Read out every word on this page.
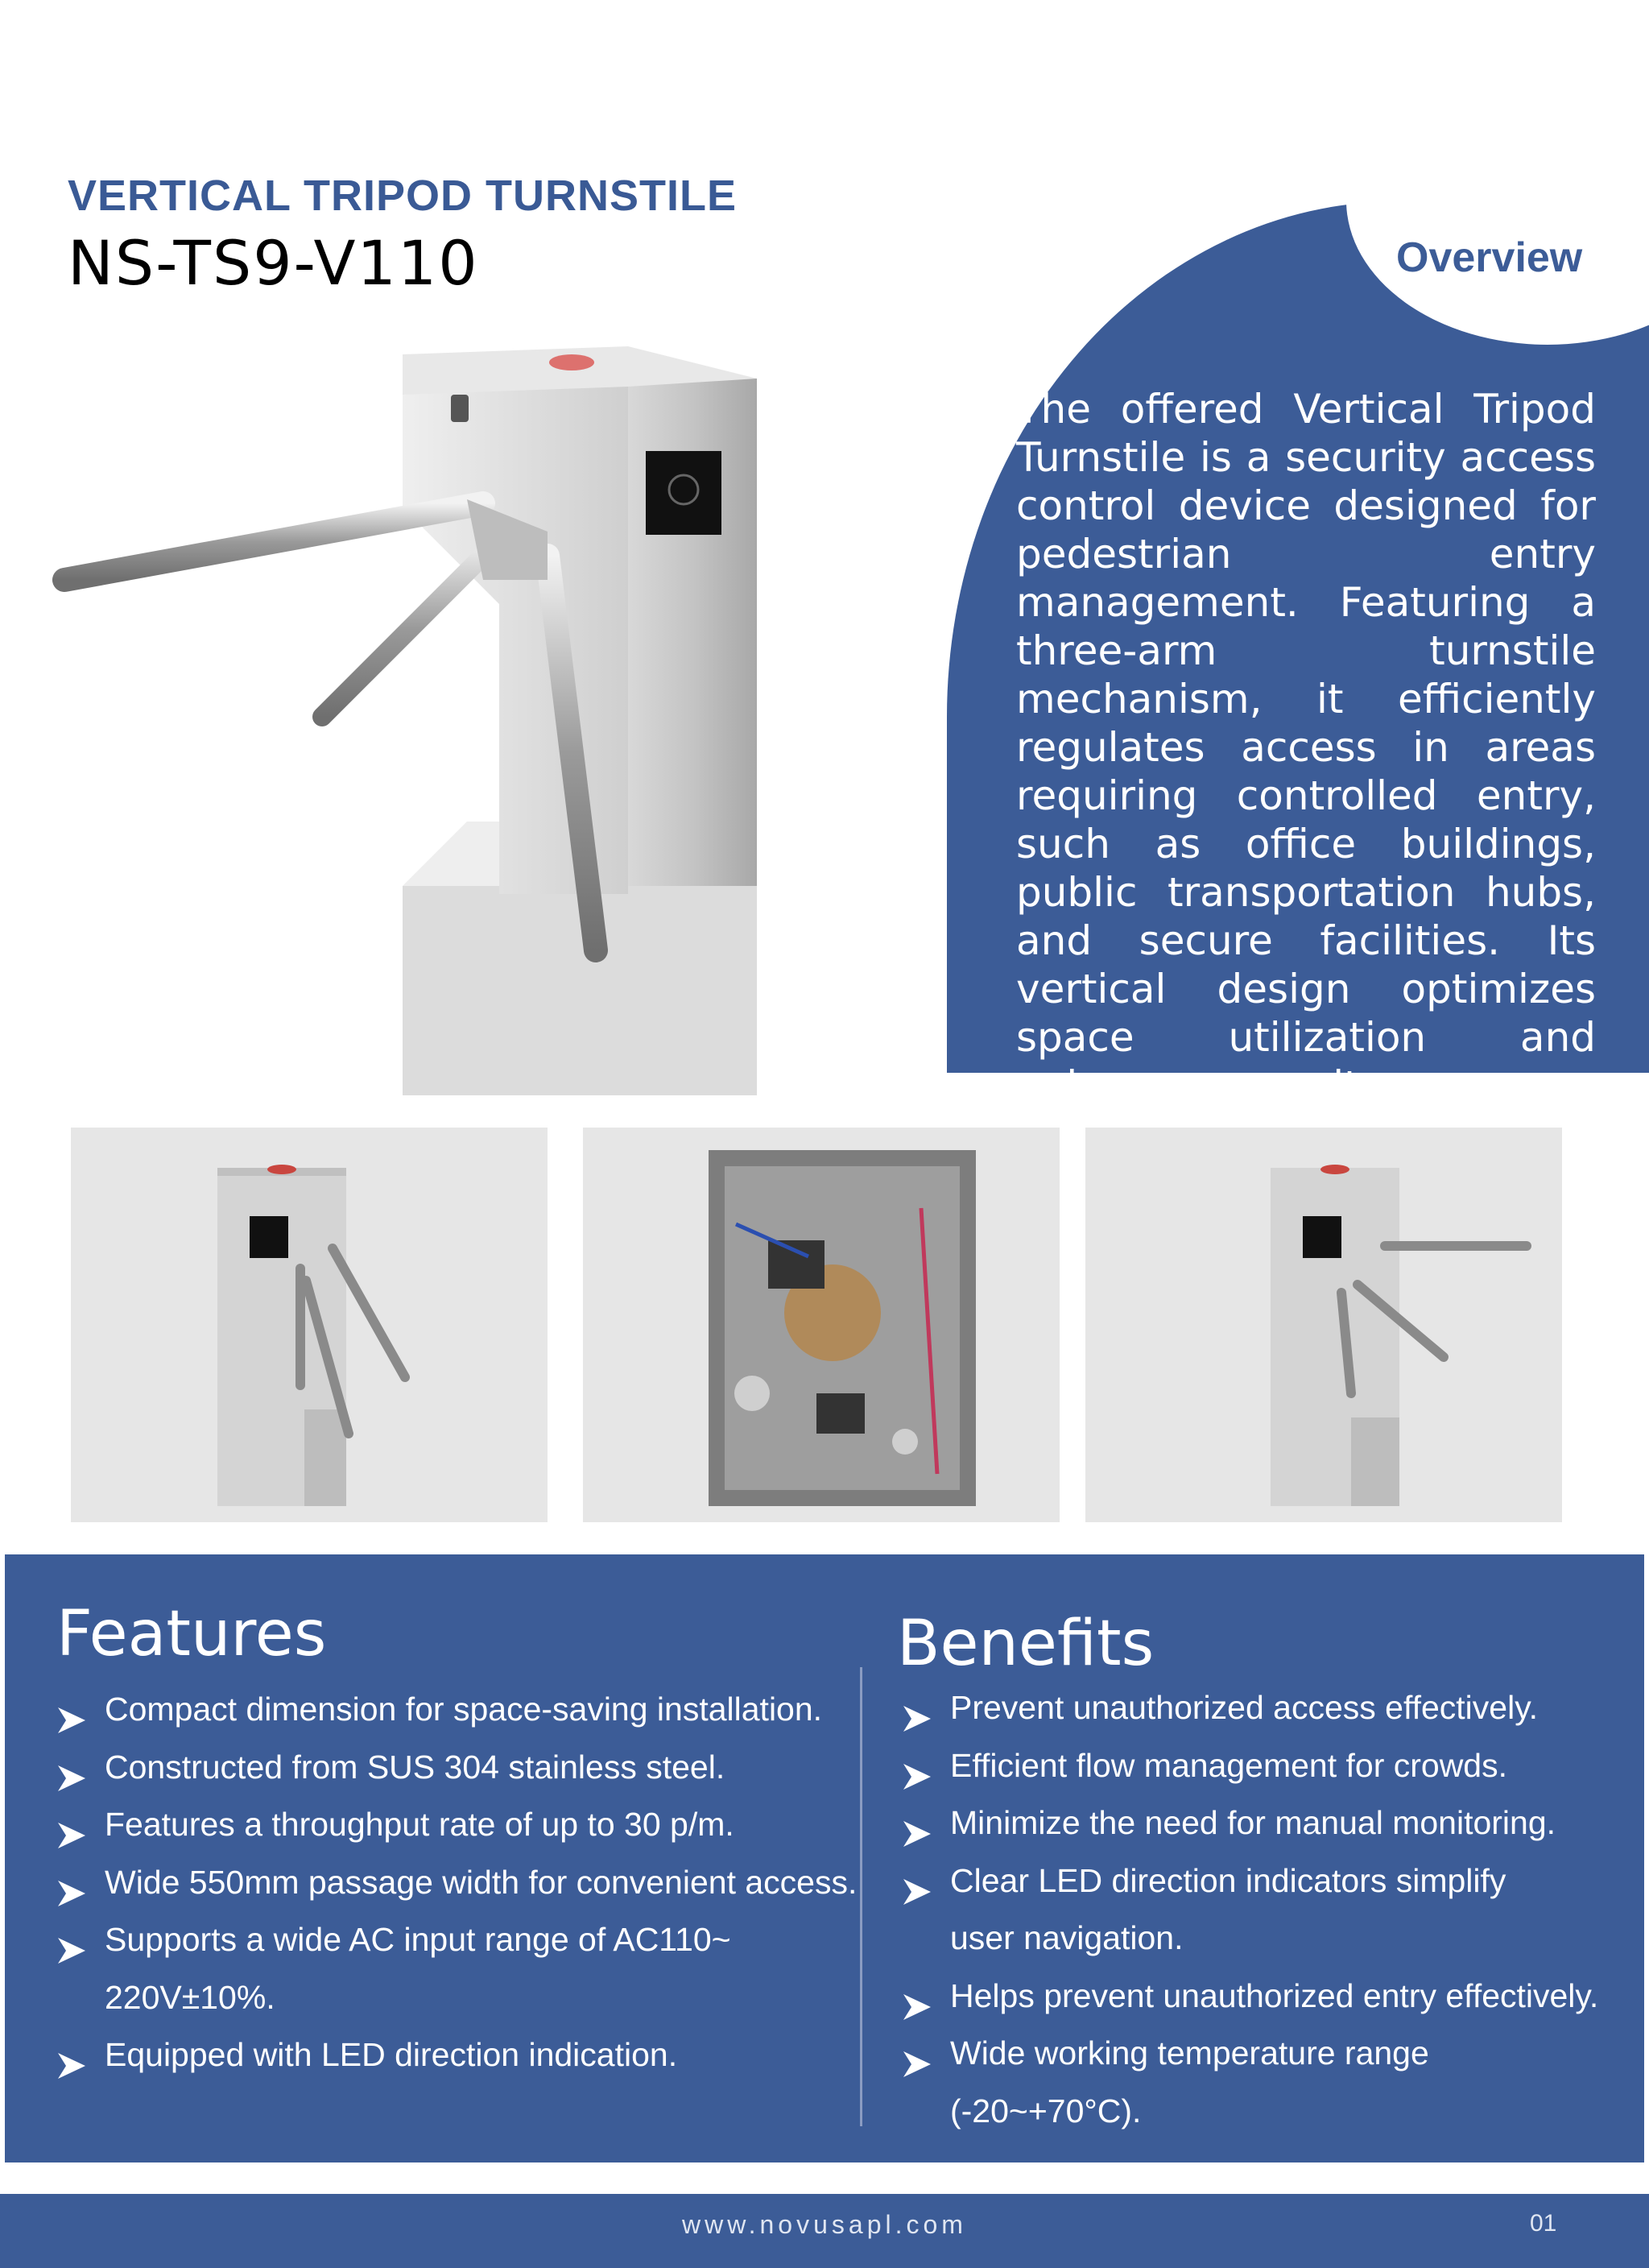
VERTICAL TRIPOD TURNSTILE
NS-TS9-V110	Overview
The offered Vertical Tripod Turnstile is a security access control device designed for pedestrian entry management. Featuring a three-arm turnstile mechanism, it efficiently regulates access in areas requiring controlled entry, such as office buildings, public transportation hubs, and secure facilities. Its vertical design optimizes space utilization and enhances security.
Features
Compact dimension for space-saving installation.
Constructed from SUS 304 stainless steel.
Features a throughput rate of up to 30 p/m.
Wide 550mm passage width for convenient access.
Supports a wide AC input range of AC110~ 220V±10%.
Equipped with LED direction indication.
Benefits
Prevent unauthorized access effectively.
Efficient flow management for crowds.
Minimize the need for manual monitoring.
Clear LED direction indicators simplify user navigation.
Helps prevent unauthorized entry effectively.
Wide working temperature range (-20~+70°C).
www.novusapl.com	01
